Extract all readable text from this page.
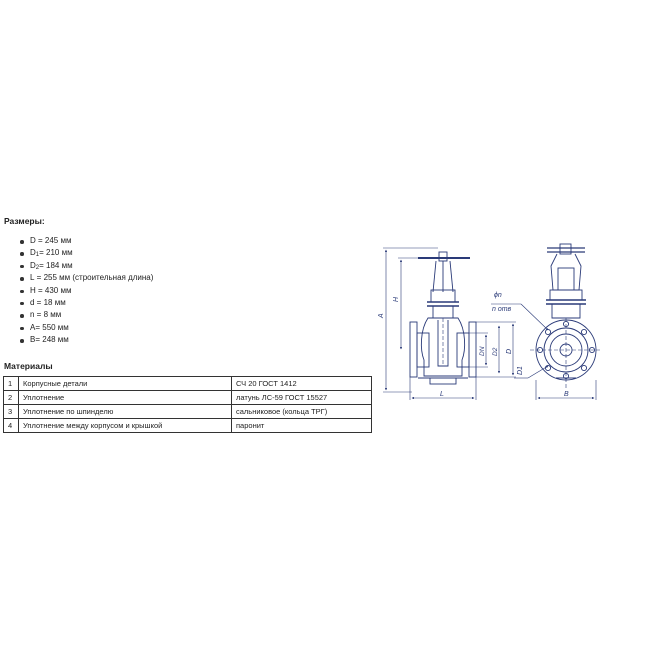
Размеры:
D = 245 мм
$D_1= 210$ мм
$D_2= 184$ мм
L = 255 мм (строительная длина)
H = 430 мм
d = 18 мм
n = 8 мм
A= 550 мм
B= 248 мм
Материалы
1	Корпусные детали	СЧ 20 ГОСТ 1412
2	Уплотнение	латунь ЛС-59 ГОСТ 15527
3	Уплотнение по шпинделю	сальниковое (кольца ТРГ)
4	Уплотнение между корпусом и крышкой	паронит
A
H
L
DN D2 D
ϕn
n отв
D1
B
